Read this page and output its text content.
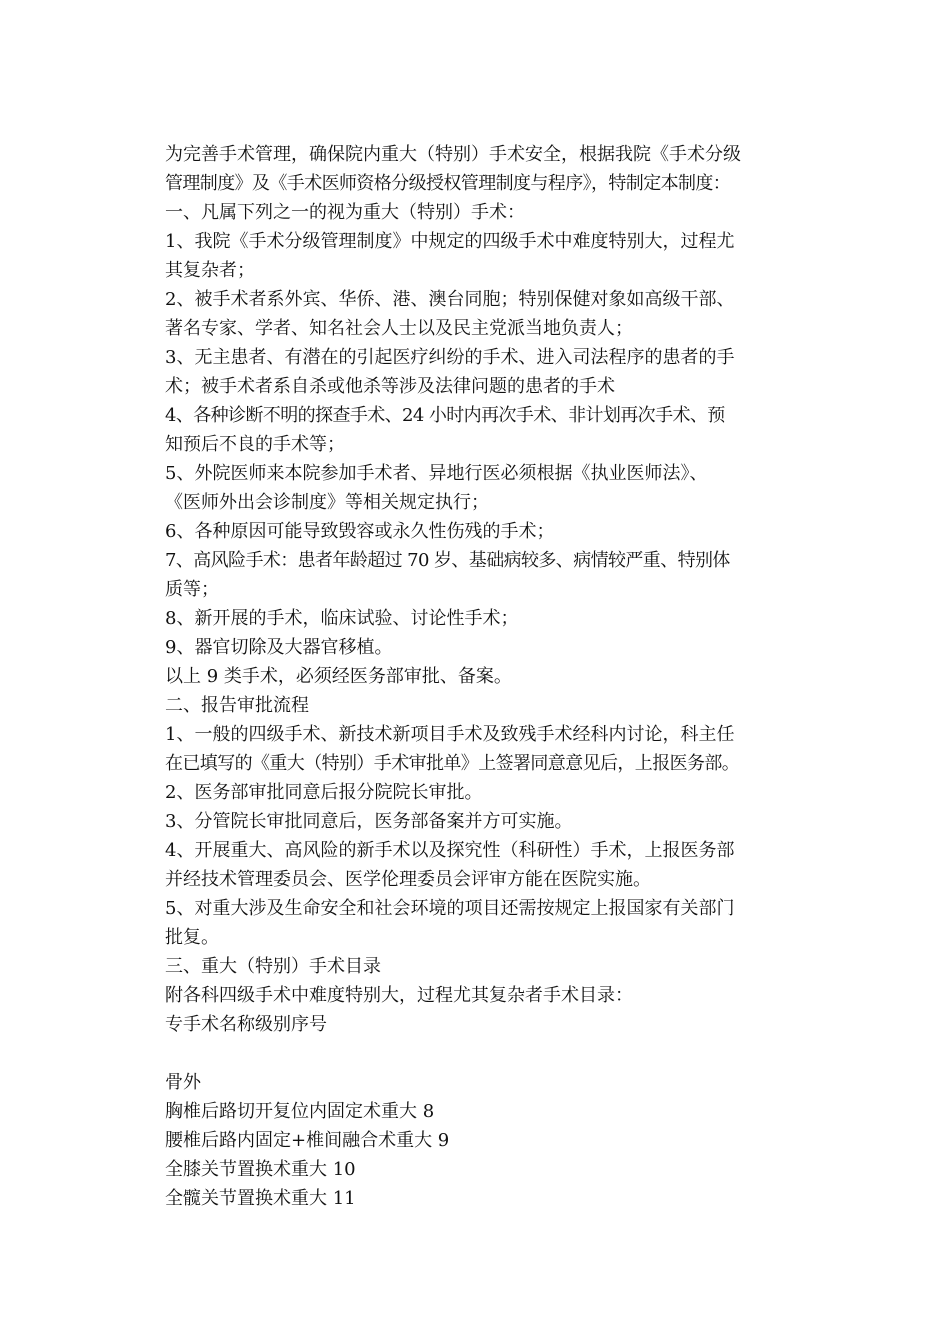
为完善手术管理，确保院内重大（特别）手术安全，根据我院《手术分级
管理制度》及《手术医师资格分级授权管理制度与程序》，特制定本制度：
一、凡属下列之一的视为重大（特别）手术：
1、我院《手术分级管理制度》中规定的四级手术中难度特别大，过程尤
其复杂者；
2、被手术者系外宾、华侨、港、澳台同胞；特别保健对象如高级干部、
著名专家、学者、知名社会人士以及民主党派当地负责人；
3、无主患者、有潜在的引起医疗纠纷的手术、进入司法程序的患者的手
术；被手术者系自杀或他杀等涉及法律问题的患者的手术
4、各种诊断不明的探查手术、24 小时内再次手术、非计划再次手术、预
知预后不良的手术等；
5、外院医师来本院参加手术者、异地行医必须根据《执业医师法》、
《医师外出会诊制度》等相关规定执行；
6、各种原因可能导致毁容或永久性伤残的手术；
7、高风险手术：患者年龄超过 70 岁、基础病较多、病情较严重、特别体
质等；
8、新开展的手术，临床试验、讨论性手术；
9、器官切除及大器官移植。
以上 9 类手术，必须经医务部审批、备案。
二、报告审批流程
1、一般的四级手术、新技术新项目手术及致残手术经科内讨论，科主任
在已填写的《重大（特别）手术审批单》上签署同意意见后，上报医务部。
2、医务部审批同意后报分院院长审批。
3、分管院长审批同意后，医务部备案并方可实施。
4、开展重大、高风险的新手术以及探究性（科研性）手术，上报医务部
并经技术管理委员会、医学伦理委员会评审方能在医院实施。
5、对重大涉及生命安全和社会环境的项目还需按规定上报国家有关部门
批复。
三、重大（特别）手术目录
附各科四级手术中难度特别大，过程尤其复杂者手术目录：
专手术名称级别序号
骨外
胸椎后路切开复位内固定术重大 8
腰椎后路内固定+椎间融合术重大 9
全膝关节置换术重大 10
全髋关节置换术重大 11
